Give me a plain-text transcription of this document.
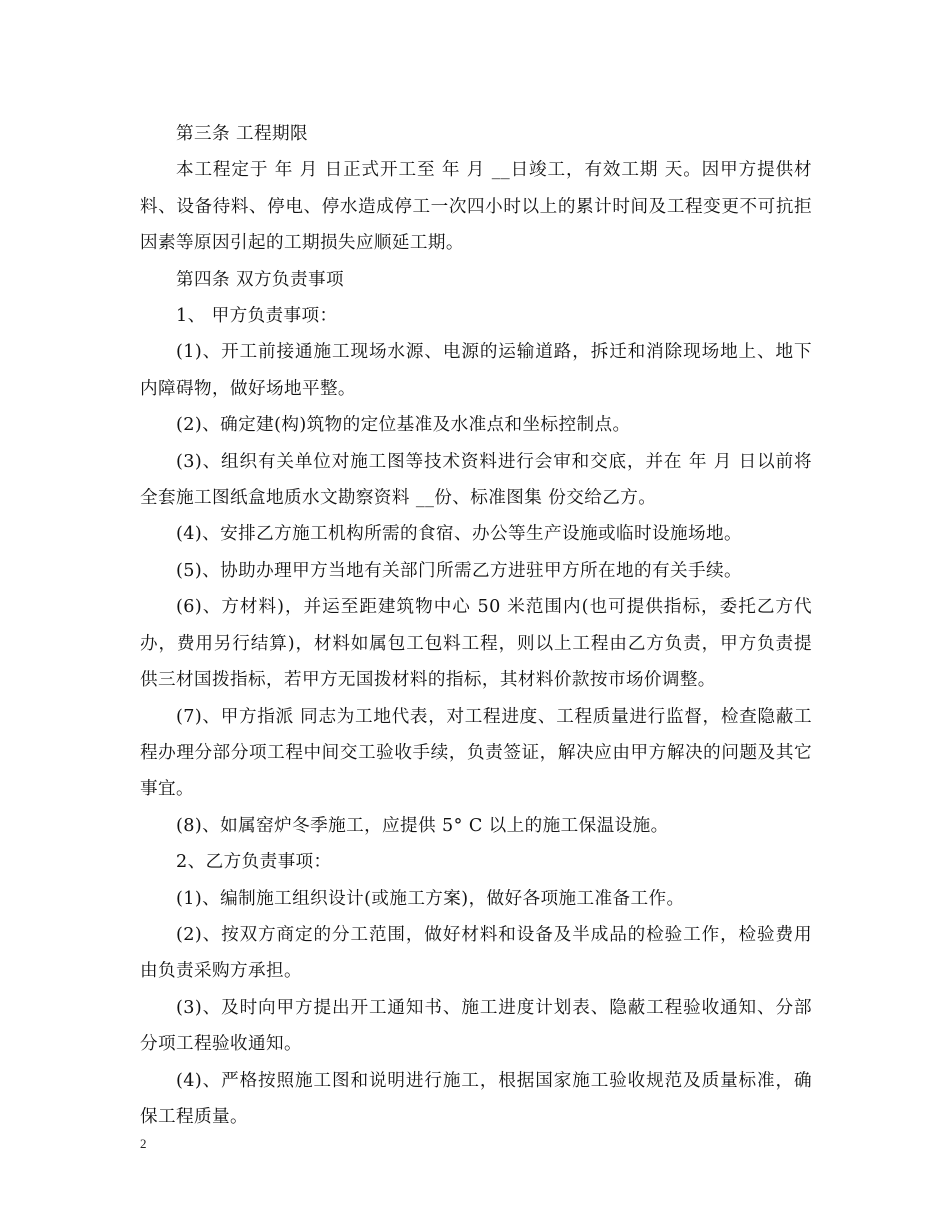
第三条 工程期限

本工程定于 年 月 日正式开工至 年 月 __日竣工，有效工期 天。因甲方提供材料、设备待料、停电、停水造成停工一次四小时以上的累计时间及工程变更不可抗拒因素等原因引起的工期损失应顺延工期。

第四条 双方负责事项

1、 甲方负责事项：

(1)、开工前接通施工现场水源、电源的运输道路，拆迁和消除现场地上、地下内障碍物，做好场地平整。

(2)、确定建(构)筑物的定位基准及水准点和坐标控制点。

(3)、组织有关单位对施工图等技术资料进行会审和交底，并在 年 月 日以前将全套施工图纸盒地质水文勘察资料 __份、标准图集 份交给乙方。

(4)、安排乙方施工机构所需的食宿、办公等生产设施或临时设施场地。

(5)、协助办理甲方当地有关部门所需乙方进驻甲方所在地的有关手续。

(6)、方材料)，并运至距建筑物中心 50 米范围内(也可提供指标，委托乙方代办，费用另行结算)，材料如属包工包料工程，则以上工程由乙方负责，甲方负责提供三材国拨指标，若甲方无国拨材料的指标，其材料价款按市场价调整。

(7)、甲方指派 同志为工地代表，对工程进度、工程质量进行监督，检查隐蔽工程办理分部分项工程中间交工验收手续，负责签证，解决应由甲方解决的问题及其它事宜。

(8)、如属窑炉冬季施工，应提供 5° C 以上的施工保温设施。

2、乙方负责事项：

(1)、编制施工组织设计(或施工方案)，做好各项施工准备工作。

(2)、按双方商定的分工范围，做好材料和设备及半成品的检验工作，检验费用由负责采购方承担。

(3)、及时向甲方提出开工通知书、施工进度计划表、隐蔽工程验收通知、分部分项工程验收通知。

(4)、严格按照施工图和说明进行施工，根据国家施工验收规范及质量标准，确保工程质量。

2
